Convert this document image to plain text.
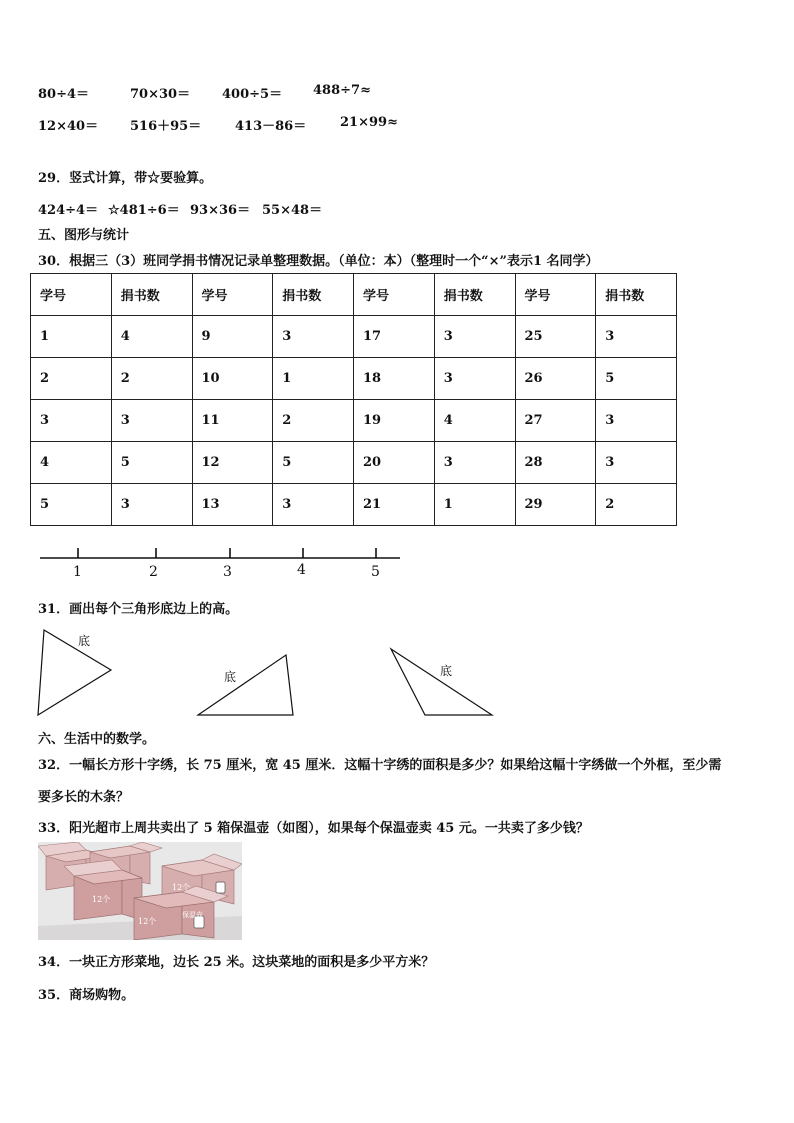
80÷4＝	70×30＝ 400÷5＝ 488÷7≈
12×40＝ 516＋95＝	413－86＝	21×99≈
29．竖式计算，带☆要验算。
424÷4＝ ☆481÷6＝ 93×36＝ 55×48＝
五、图形与统计
30．根据三（3）班同学捐书情况记录单整理数据。（单位：本）（整理时一个“×”表示1 名同学）
学号	捐书数	学号	捐书数	学号	捐书数	学号	捐书数
1	4	9	3	17	3	25	3
2	2	10	1	18	3	26	5
3	3	11	2	19	4	27	3
4	5	12	5	20	3	28	3
5	3	13	3	21	1	29	2
1	2	3	4	5
31．画出每个三角形底边上的高。
底
底	底
六、生活中的数学。
32．一幅长方形十字绣，长 75 厘米，宽 45 厘米．这幅十字绣的面积是多少？如果给这幅十字绣做一个外框，至少需
要多长的木条？
33．阳光超市上周共卖出了 5 箱保温壶（如图），如果每个保温壶卖 45 元。一共卖了多少钱？
12个
12个
12个
保温壶
34．一块正方形菜地，边长 25 米。这块菜地的面积是多少平方米？
35．商场购物。
